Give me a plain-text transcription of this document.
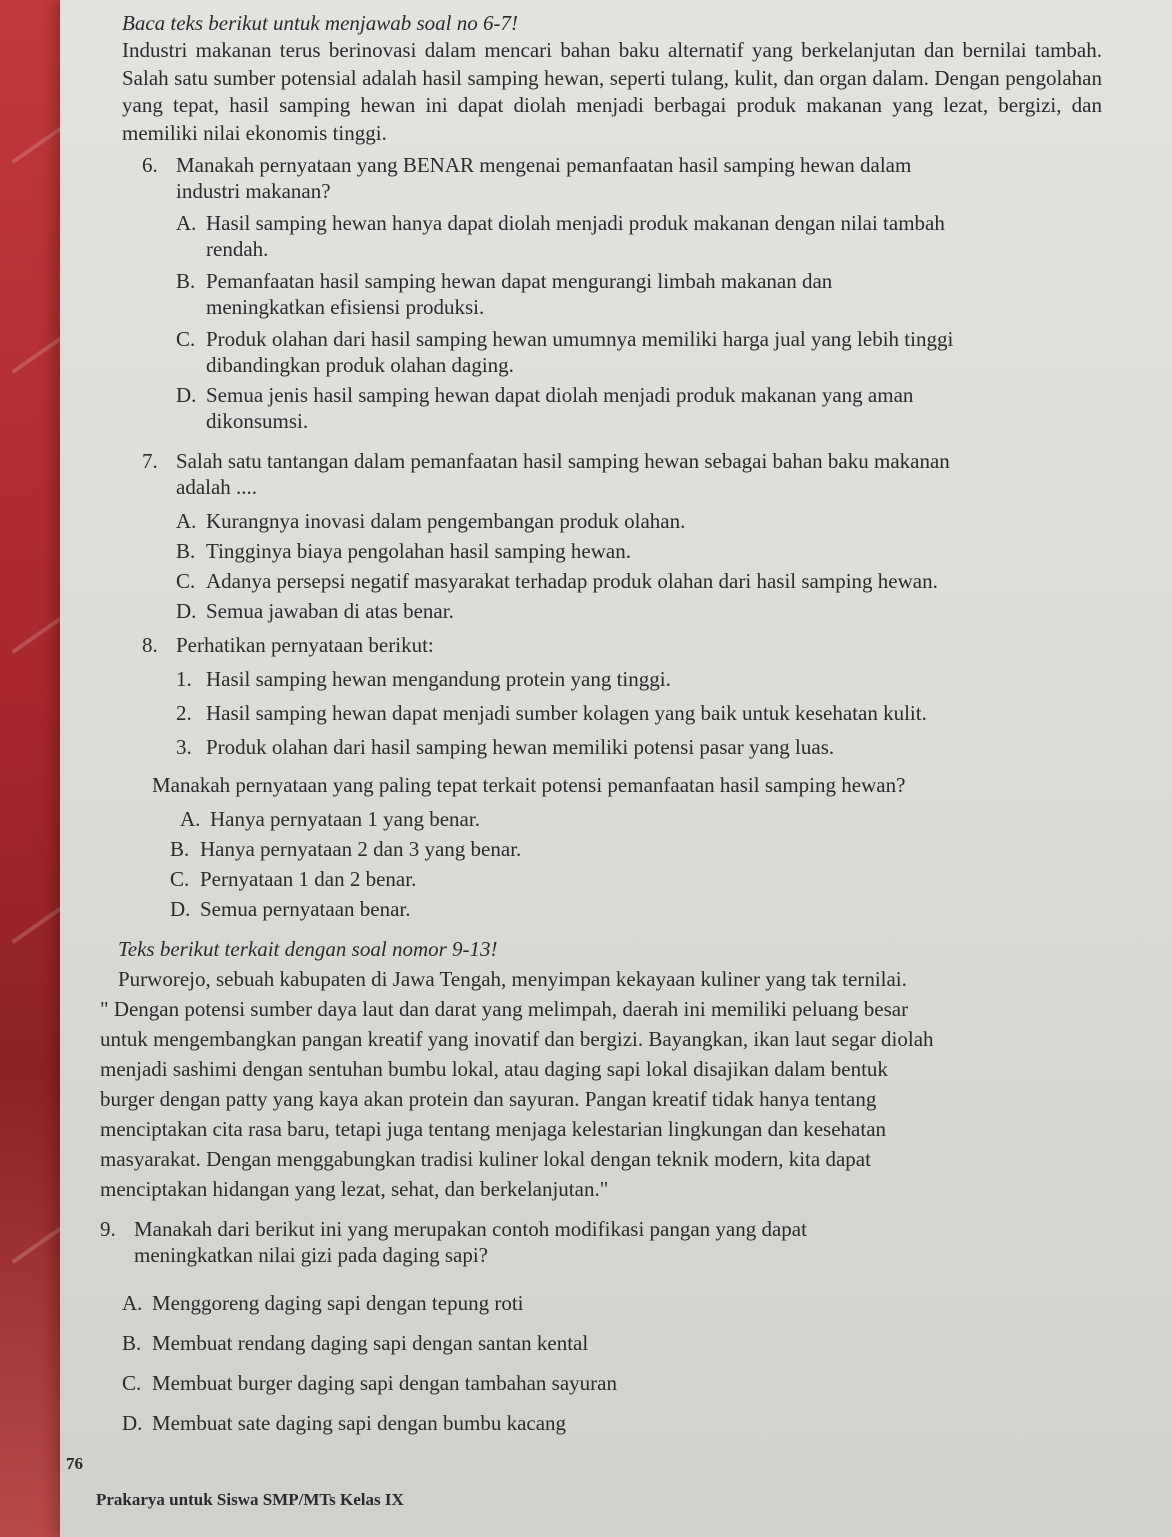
Baca teks berikut untuk menjawab soal no 6-7!
Industri makanan terus berinovasi dalam mencari bahan baku alternatif yang berkelanjutan dan bernilai tambah. Salah satu sumber potensial adalah hasil samping hewan, seperti tulang, kulit, dan organ dalam. Dengan pengolahan yang tepat, hasil samping hewan ini dapat diolah menjadi berbagai produk makanan yang lezat, bergizi, dan memiliki nilai ekonomis tinggi.
6. Manakah pernyataan yang BENAR mengenai pemanfaatan hasil samping hewan dalam
industri makanan?
A. Hasil samping hewan hanya dapat diolah menjadi produk makanan dengan nilai tambah
rendah.
B. Pemanfaatan hasil samping hewan dapat mengurangi limbah makanan dan
meningkatkan efisiensi produksi.
C. Produk olahan dari hasil samping hewan umumnya memiliki harga jual yang lebih tinggi
dibandingkan produk olahan daging.
D. Semua jenis hasil samping hewan dapat diolah menjadi produk makanan yang aman
dikonsumsi.
7. Salah satu tantangan dalam pemanfaatan hasil samping hewan sebagai bahan baku makanan
adalah ....
A. Kurangnya inovasi dalam pengembangan produk olahan.
B. Tingginya biaya pengolahan hasil samping hewan.
C. Adanya persepsi negatif masyarakat terhadap produk olahan dari hasil samping hewan.
D. Semua jawaban di atas benar.
8. Perhatikan pernyataan berikut:
1. Hasil samping hewan mengandung protein yang tinggi.
2. Hasil samping hewan dapat menjadi sumber kolagen yang baik untuk kesehatan kulit.
3. Produk olahan dari hasil samping hewan memiliki potensi pasar yang luas.
Manakah pernyataan yang paling tepat terkait potensi pemanfaatan hasil samping hewan?
A. Hanya pernyataan 1 yang benar.
B. Hanya pernyataan 2 dan 3 yang benar.
C. Pernyataan 1 dan 2 benar.
D. Semua pernyataan benar.
Teks berikut terkait dengan soal nomor 9-13!
Purworejo, sebuah kabupaten di Jawa Tengah, menyimpan kekayaan kuliner yang tak ternilai.
" Dengan potensi sumber daya laut dan darat yang melimpah, daerah ini memiliki peluang besar
untuk mengembangkan pangan kreatif yang inovatif dan bergizi. Bayangkan, ikan laut segar diolah
menjadi sashimi dengan sentuhan bumbu lokal, atau daging sapi lokal disajikan dalam bentuk
burger dengan patty yang kaya akan protein dan sayuran. Pangan kreatif tidak hanya tentang
menciptakan cita rasa baru, tetapi juga tentang menjaga kelestarian lingkungan dan kesehatan
masyarakat. Dengan menggabungkan tradisi kuliner lokal dengan teknik modern, kita dapat
menciptakan hidangan yang lezat, sehat, dan berkelanjutan."
9. Manakah dari berikut ini yang merupakan contoh modifikasi pangan yang dapat
meningkatkan nilai gizi pada daging sapi?
A. Menggoreng daging sapi dengan tepung roti
B. Membuat rendang daging sapi dengan santan kental
C. Membuat burger daging sapi dengan tambahan sayuran
D. Membuat sate daging sapi dengan bumbu kacang
76
Prakarya untuk Siswa SMP/MTs Kelas IX
